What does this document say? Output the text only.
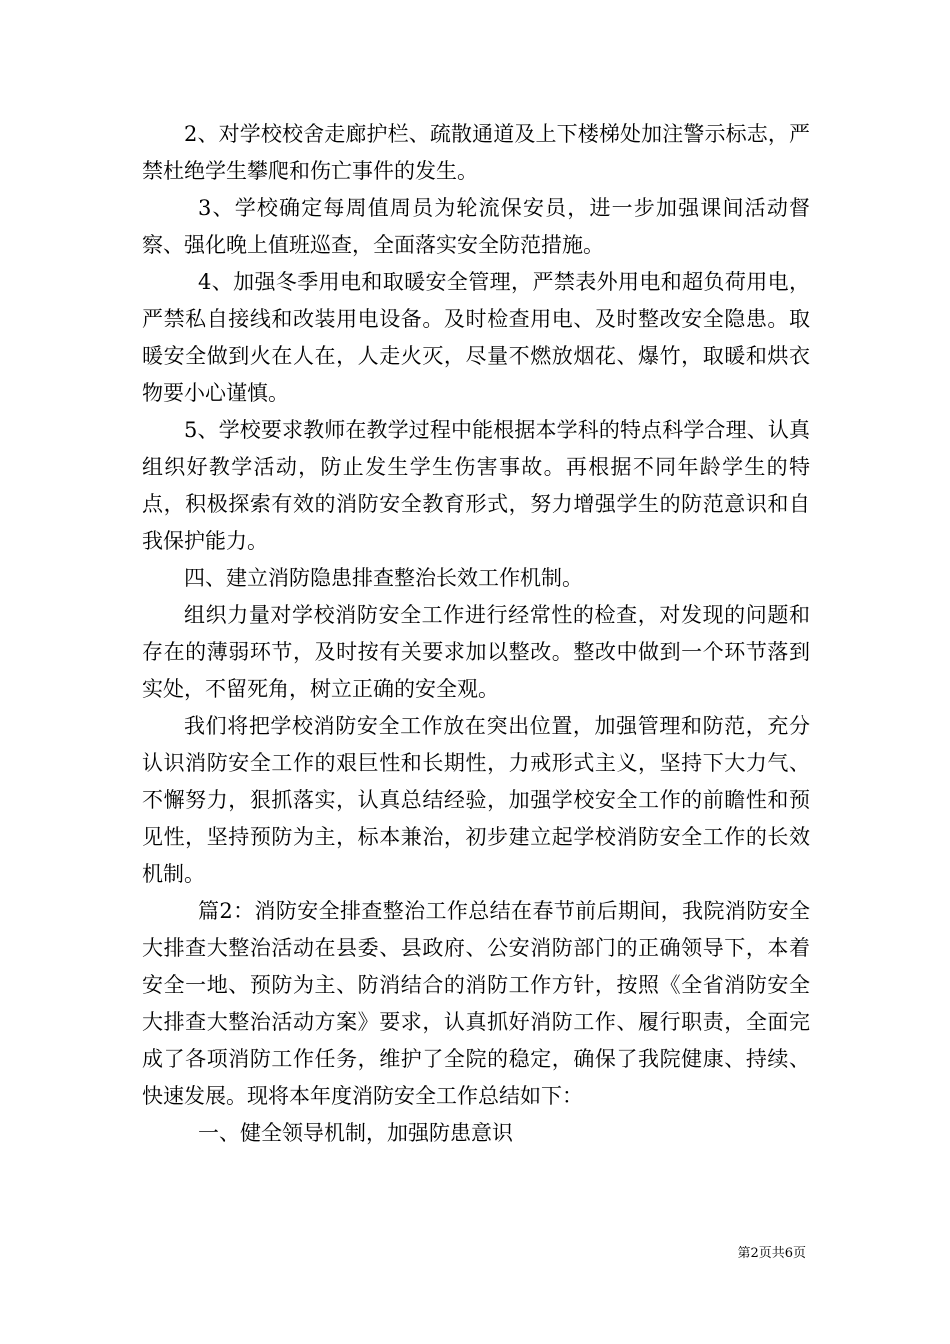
2、对学校校舍走廊护栏、疏散通道及上下楼梯处加注警示标志，严禁杜绝学生攀爬和伤亡事件的发生。

3、学校确定每周值周员为轮流保安员，进一步加强课间活动督察、强化晚上值班巡查，全面落实安全防范措施。

4、加强冬季用电和取暖安全管理，严禁表外用电和超负荷用电，严禁私自接线和改装用电设备。及时检查用电、及时整改安全隐患。取暖安全做到火在人在，人走火灭，尽量不燃放烟花、爆竹，取暖和烘衣物要小心谨慎。

5、学校要求教师在教学过程中能根据本学科的特点科学合理、认真组织好教学活动，防止发生学生伤害事故。再根据不同年龄学生的特点，积极探索有效的消防安全教育形式，努力增强学生的防范意识和自我保护能力。

四、建立消防隐患排查整治长效工作机制。

组织力量对学校消防安全工作进行经常性的检查，对发现的问题和存在的薄弱环节，及时按有关要求加以整改。整改中做到一个环节落到实处，不留死角，树立正确的安全观。

我们将把学校消防安全工作放在突出位置，加强管理和防范，充分认识消防安全工作的艰巨性和长期性，力戒形式主义，坚持下大力气、不懈努力，狠抓落实，认真总结经验，加强学校安全工作的前瞻性和预见性，坚持预防为主，标本兼治，初步建立起学校消防安全工作的长效机制。

篇2：消防安全排查整治工作总结在春节前后期间，我院消防安全大排查大整治活动在县委、县政府、公安消防部门的正确领导下，本着安全一地、预防为主、防消结合的消防工作方针，按照《全省消防安全大排查大整治活动方案》要求，认真抓好消防工作、履行职责，全面完成了各项消防工作任务，维护了全院的稳定，确保了我院健康、持续、快速发展。现将本年度消防安全工作总结如下：

一、健全领导机制，加强防患意识

第2页共6页
